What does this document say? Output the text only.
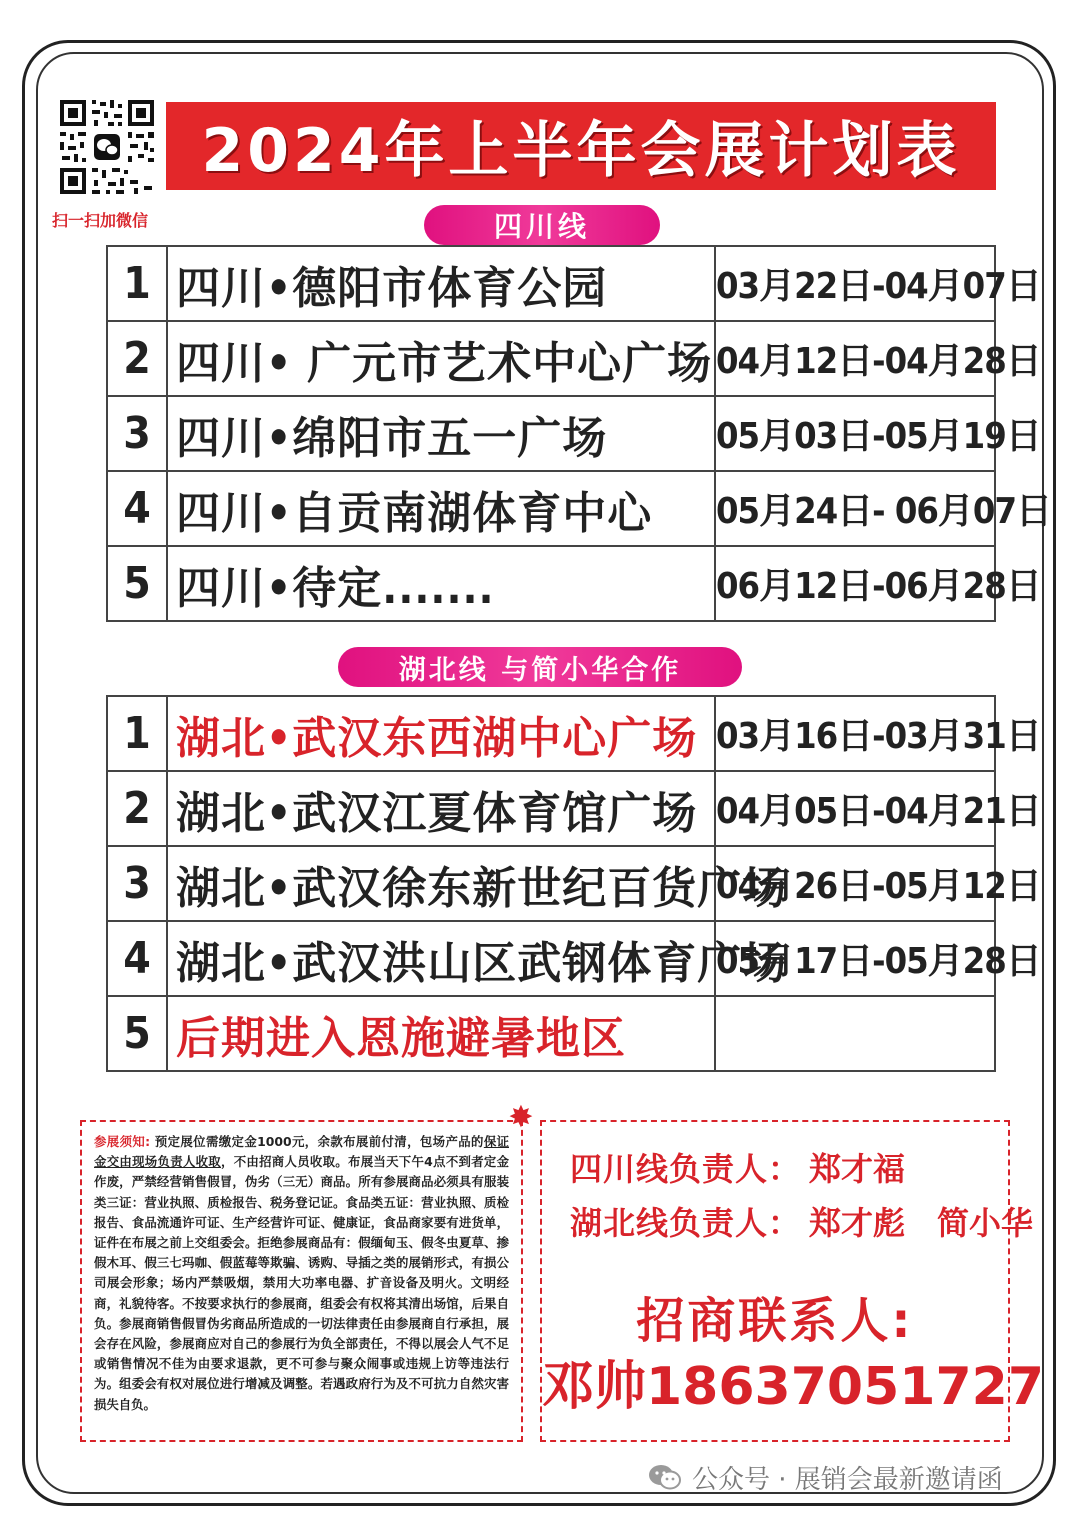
扫一扫加微信
2024年上半年会展计划表
四川线
1	四川•德阳市体育公园	03月22日-04月07日
2	四川• 广元市艺术中心广场	04月12日-04月28日
3	四川•绵阳市五一广场	05月03日-05月19日
4	四川•自贡南湖体育中心	05月24日- 06月07日
5	四川•待定.......	06月12日-06月28日
湖北线 与简小华合作
1	湖北•武汉东西湖中心广场	03月16日-03月31日
2	湖北•武汉江夏体育馆广场	04月05日-04月21日
3	湖北•武汉徐东新世纪百货广场	04月26日-05月12日
4	湖北•武汉洪山区武钢体育广场	05月17日-05月28日
5	后期进入恩施避暑地区	
参展须知: 预定展位需缴定金1000元，余款布展前付清，包场产品的保证金交由现场负责人收取，不由招商人员收取。布展当天下午4点不到者定金作废，严禁经营销售假冒，伪劣（三无）商品。所有参展商品必须具有服装类三证：营业执照、质检报告、税务登记证。食品类五证：营业执照、质检报告、食品流通许可证、生产经营许可证、健康证，食品商家要有进货单，证件在布展之前上交组委会。拒绝参展商品有：假缅甸玉、假冬虫夏草、掺假木耳、假三七玛咖、假蓝莓等欺骗、诱购、导插之类的展销形式，有损公司展会形象；场内严禁吸烟，禁用大功率电器、扩音设备及明火。文明经商，礼貌待客。不按要求执行的参展商，组委会有权将其清出场馆，后果自负。参展商销售假冒伪劣商品所造成的一切法律责任由参展商自行承担，展会存在风险，参展商应对自己的参展行为负全部责任，不得以展会人气不足或销售情况不佳为由要求退款，更不可参与聚众闹事或违规上访等违法行为。组委会有权对展位进行增减及调整。若遇政府行为及不可抗力自然灾害损失自负。
✸
四川线负责人： 郑才福
湖北线负责人： 郑才彪　简小华
招商联系人:
邓帅18637051727
公众号 · 展销会最新邀请函
